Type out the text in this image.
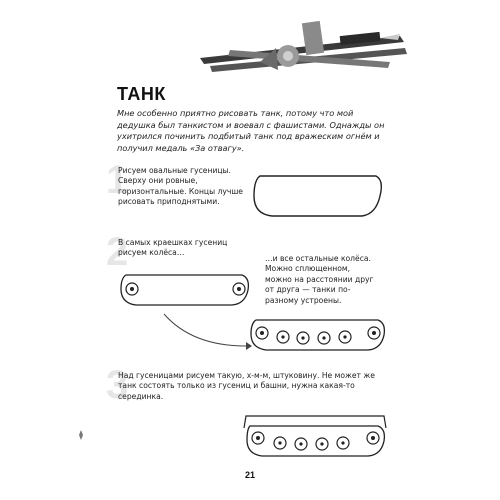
ТАНК
Мне особенно приятно рисовать танк, потому что мой дедушка был танкистом и воевал с фашистами. Однажды он ухитрился починить подбитый танк под вражеским огнём и получил медаль «За отвагу».
1
Рисуем овальные гусеницы. Сверху они ровные, горизонтальные. Концы лучше рисовать приподнятыми.
2
В самых краешках гусениц рисуем колёса…
…и все остальные колёса. Можно сплющенном, можно на расстоянии друг от друга — танки по-разному устроены.
3
Над гусеницами рисуем такую, х-м-м, штуковину. Не может же танк состоять только из гусениц и башни, нужна какая-то серединка.
21
